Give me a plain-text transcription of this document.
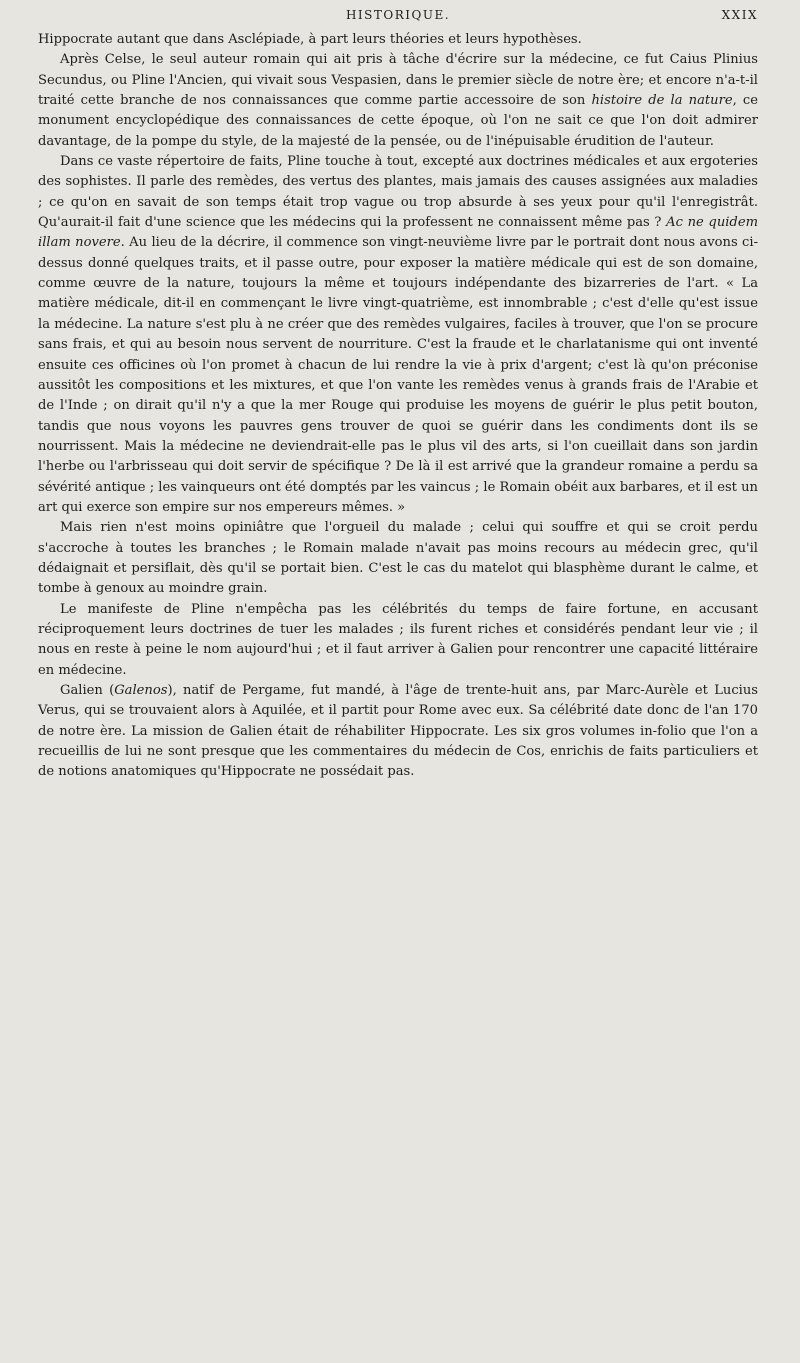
HISTORIQUE.	XXIX

Hippocrate autant que dans Asclépiade, à part leurs théories et leurs hypothèses.

Après Celse, le seul auteur romain qui ait pris à tâche d'écrire sur la médecine, ce fut Caius Plinius Secundus, ou Pline l'Ancien, qui vivait sous Vespasien, dans le premier siècle de notre ère; et encore n'a-t-il traité cette branche de nos connaissances que comme partie accessoire de son histoire de la nature, ce monument encyclopédique des connaissances de cette époque, où l'on ne sait ce que l'on doit admirer davantage, de la pompe du style, de la majesté de la pensée, ou de l'inépuisable érudition de l'auteur.

Dans ce vaste répertoire de faits, Pline touche à tout, excepté aux doctrines médicales et aux ergoteries des sophistes. Il parle des remèdes, des vertus des plantes, mais jamais des causes assignées aux maladies ; ce qu'on en savait de son temps était trop vague ou trop absurde à ses yeux pour qu'il l'enregistrât. Qu'aurait-il fait d'une science que les médecins qui la professent ne connaissent même pas ? Ac ne quidem illam novere. Au lieu de la décrire, il commence son vingt-neuvième livre par le portrait dont nous avons ci-dessus donné quelques traits, et il passe outre, pour exposer la matière médicale qui est de son domaine, comme œuvre de la nature, toujours la même et toujours indépendante des bizarreries de l'art. « La matière médicale, dit-il en commençant le livre vingt-quatrième, est innombrable ; c'est d'elle qu'est issue la médecine. La nature s'est plu à ne créer que des remèdes vulgaires, faciles à trouver, que l'on se procure sans frais, et qui au besoin nous servent de nourriture. C'est la fraude et le charlatanisme qui ont inventé ensuite ces officines où l'on promet à chacun de lui rendre la vie à prix d'argent; c'est là qu'on préconise aussitôt les compositions et les mixtures, et que l'on vante les remèdes venus à grands frais de l'Arabie et de l'Inde ; on dirait qu'il n'y a que la mer Rouge qui produise les moyens de guérir le plus petit bouton, tandis que nous voyons les pauvres gens trouver de quoi se guérir dans les condiments dont ils se nourrissent. Mais la médecine ne deviendrait-elle pas le plus vil des arts, si l'on cueillait dans son jardin l'herbe ou l'arbrisseau qui doit servir de spécifique ? De là il est arrivé que la grandeur romaine a perdu sa sévérité antique ; les vainqueurs ont été domptés par les vaincus ; le Romain obéit aux barbares, et il est un art qui exerce son empire sur nos empereurs mêmes. »

Mais rien n'est moins opiniâtre que l'orgueil du malade ; celui qui souffre et qui se croit perdu s'accroche à toutes les branches ; le Romain malade n'avait pas moins recours au médecin grec, qu'il dédaignait et persiflait, dès qu'il se portait bien. C'est le cas du matelot qui blasphème durant le calme, et tombe à genoux au moindre grain.

Le manifeste de Pline n'empêcha pas les célébrités du temps de faire fortune, en accusant réciproquement leurs doctrines de tuer les malades ; ils furent riches et considérés pendant leur vie ; il nous en reste à peine le nom aujourd'hui ; et il faut arriver à Galien pour rencontrer une capacité littéraire en médecine.

Galien (Galenos), natif de Pergame, fut mandé, à l'âge de trente-huit ans, par Marc-Aurèle et Lucius Verus, qui se trouvaient alors à Aquilée, et il partit pour Rome avec eux. Sa célébrité date donc de l'an 170 de notre ère. La mission de Galien était de réhabiliter Hippocrate. Les six gros volumes in-folio que l'on a recueillis de lui ne sont presque que les commentaires du médecin de Cos, enrichis de faits particuliers et de notions anatomiques qu'Hippocrate ne possédait pas.
